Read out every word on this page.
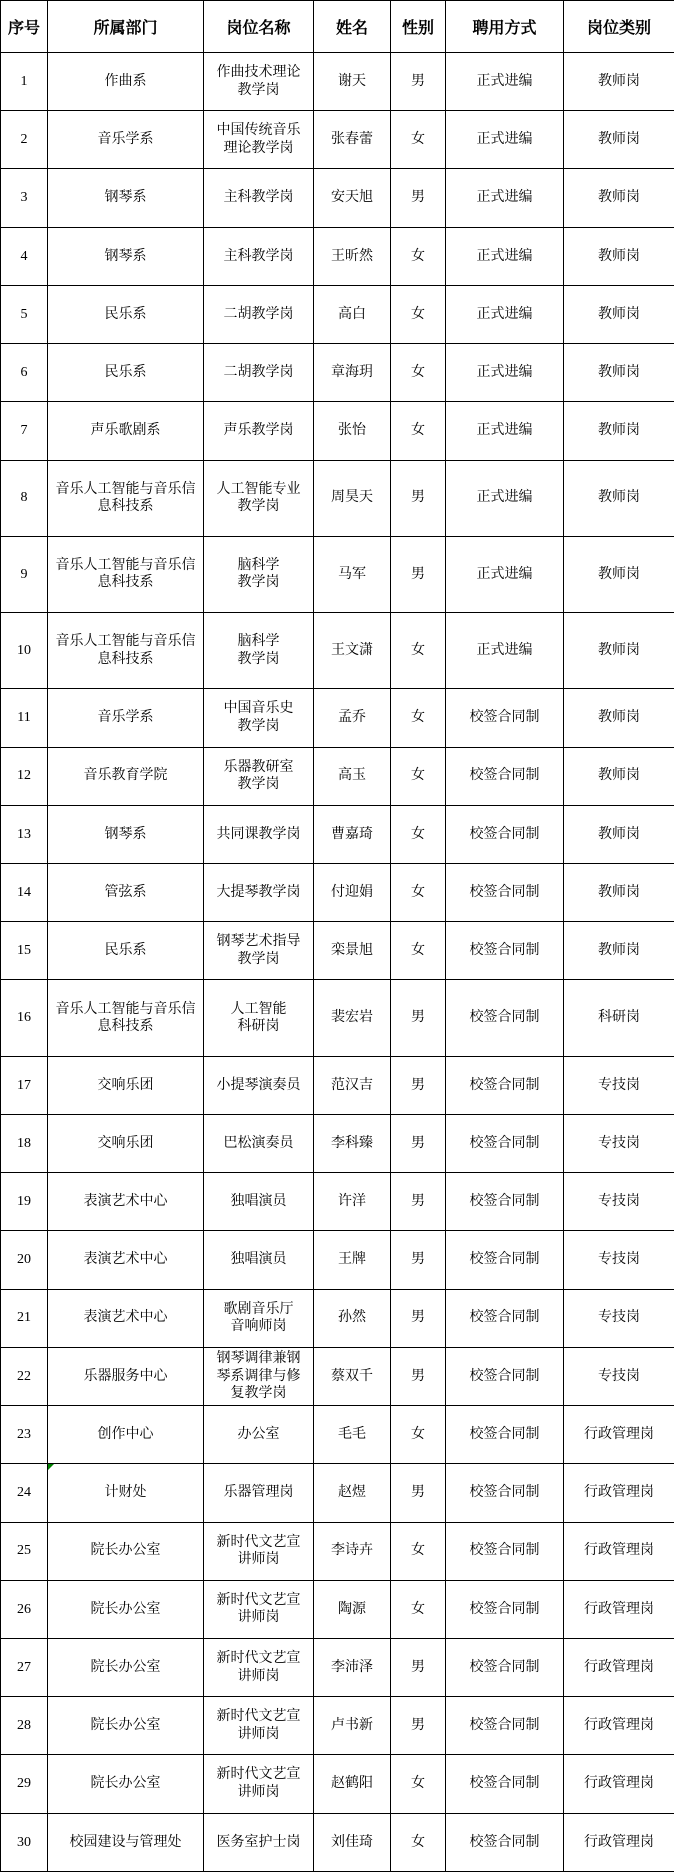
序号	所属部门	岗位名称	姓名	性别	聘用方式	岗位类别
1	作曲系	作曲技术理论
教学岗	谢天	男	正式进编	教师岗
2	音乐学系	中国传统音乐
理论教学岗	张春蕾	女	正式进编	教师岗
3	钢琴系	主科教学岗	安天旭	男	正式进编	教师岗
4	钢琴系	主科教学岗	王昕然	女	正式进编	教师岗
5	民乐系	二胡教学岗	高白	女	正式进编	教师岗
6	民乐系	二胡教学岗	章海玥	女	正式进编	教师岗
7	声乐歌剧系	声乐教学岗	张怡	女	正式进编	教师岗
8	音乐人工智能与音乐信
息科技系	人工智能专业
教学岗	周昊天	男	正式进编	教师岗
9	音乐人工智能与音乐信
息科技系	脑科学
教学岗	马军	男	正式进编	教师岗
10	音乐人工智能与音乐信
息科技系	脑科学
教学岗	王文潇	女	正式进编	教师岗
11	音乐学系	中国音乐史
教学岗	孟乔	女	校签合同制	教师岗
12	音乐教育学院	乐器教研室
教学岗	高玉	女	校签合同制	教师岗
13	钢琴系	共同课教学岗	曹嘉琦	女	校签合同制	教师岗
14	管弦系	大提琴教学岗	付迎娟	女	校签合同制	教师岗
15	民乐系	钢琴艺术指导
教学岗	栾景旭	女	校签合同制	教师岗
16	音乐人工智能与音乐信
息科技系	人工智能
科研岗	裴宏岩	男	校签合同制	科研岗
17	交响乐团	小提琴演奏员	范汉吉	男	校签合同制	专技岗
18	交响乐团	巴松演奏员	李科臻	男	校签合同制	专技岗
19	表演艺术中心	独唱演员	许洋	男	校签合同制	专技岗
20	表演艺术中心	独唱演员	王牌	男	校签合同制	专技岗
21	表演艺术中心	歌剧音乐厅
音响师岗	孙然	男	校签合同制	专技岗
22	乐器服务中心	钢琴调律兼钢
琴系调律与修
复教学岗	蔡双千	男	校签合同制	专技岗
23	创作中心	办公室	毛毛	女	校签合同制	行政管理岗
24	计财处	乐器管理岗	赵煜	男	校签合同制	行政管理岗
25	院长办公室	新时代文艺宣
讲师岗	李诗卉	女	校签合同制	行政管理岗
26	院长办公室	新时代文艺宣
讲师岗	陶源	女	校签合同制	行政管理岗
27	院长办公室	新时代文艺宣
讲师岗	李沛泽	男	校签合同制	行政管理岗
28	院长办公室	新时代文艺宣
讲师岗	卢书新	男	校签合同制	行政管理岗
29	院长办公室	新时代文艺宣
讲师岗	赵鹤阳	女	校签合同制	行政管理岗
30	校园建设与管理处	医务室护士岗	刘佳琦	女	校签合同制	行政管理岗
